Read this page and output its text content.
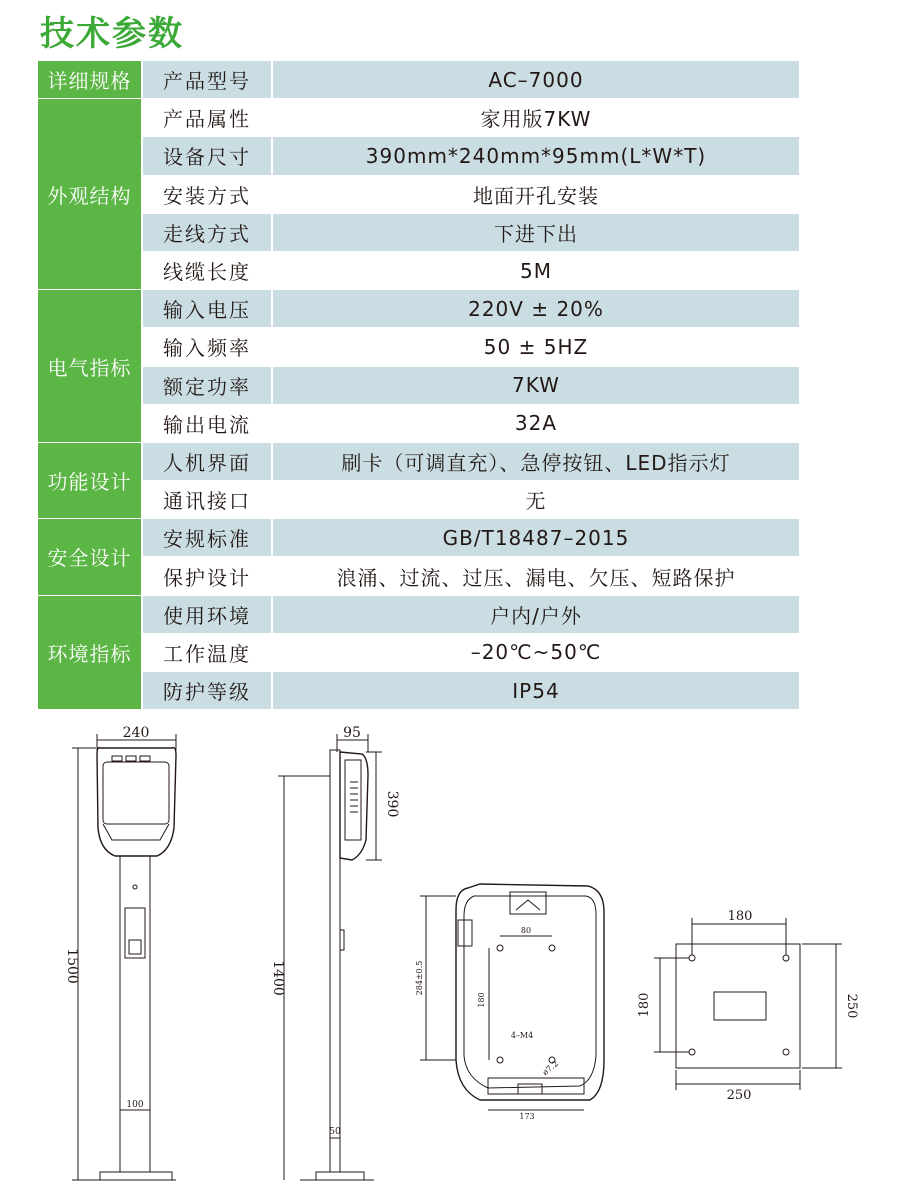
技术参数
详细规格	产品型号	AC–7000
外观结构	产品属性	家用版7KW
	设备尺寸	390mm*240mm*95mm(L*W*T)
	安装方式	地面开孔安装
	走线方式	下进下出
	线缆长度	5M
电气指标	输入电压	220V ± 20%
	输入频率	50 ± 5HZ
	额定功率	7KW
	输出电流	32A
功能设计	人机界面	刷卡（可调直充）、急停按钮、LED指示灯
	通讯接口	无
安全设计	安规标准	GB/T18487–2015
	保护设计	浪涌、过流、过压、漏电、欠压、短路保护
环境指标	使用环境	户内/户外
	工作温度	–20℃~50℃
	防护等级	IP54
240
1500
100
95
390
1400
50
80
180
4–M4
284±0.5
173
ø7.2
180
180
250
250
